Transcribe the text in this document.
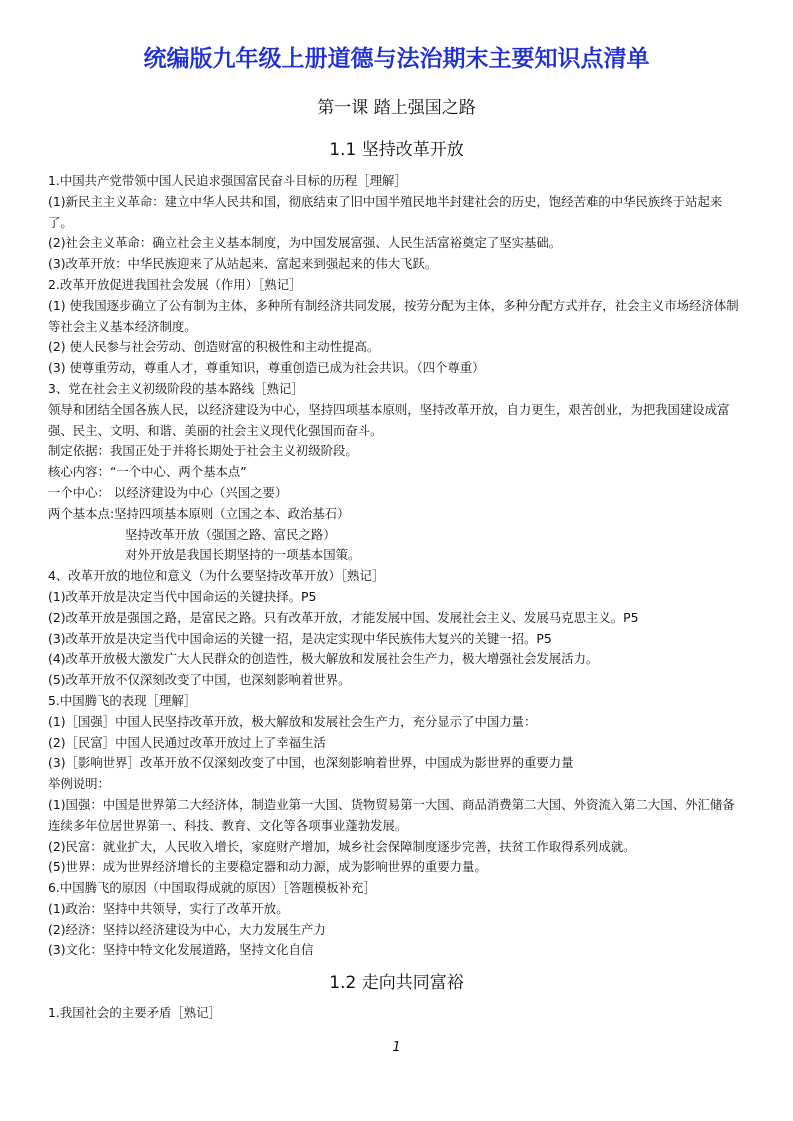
统编版九年级上册道德与法治期末主要知识点清单
第一课 踏上强国之路
1.1 坚持改革开放
1.中国共产党带领中国人民追求强国富民奋斗目标的历程［理解］
(1)新民主主义革命：建立中华人民共和国，彻底结束了旧中国半殖民地半封建社会的历史，饱经苦难的中华民族终于站起来了。
(2)社会主义革命：确立社会主义基本制度，为中国发展富强、人民生活富裕奠定了坚实基础。
(3)改革开放：中华民族迎来了从站起来、富起来到强起来的伟大飞跃。
2.改革开放促进我国社会发展（作用）［熟记］
(1) 使我国逐步确立了公有制为主体，多种所有制经济共同发展，按劳分配为主体，多种分配方式并存，社会主义市场经济体制等社会主义基本经济制度。
(2) 使人民参与社会劳动、创造财富的积极性和主动性提高。
(3) 使尊重劳动，尊重人才，尊重知识，尊重创造已成为社会共识。（四个尊重）
3、党在社会主义初级阶段的基本路线［熟记］
领导和团结全国各族人民，以经济建设为中心，坚持四项基本原则，坚持改革开放，自力更生，艰苦创业，为把我国建设成富强、民主、文明、和谐、美丽的社会主义现代化强国而奋斗。
制定依据：我国正处于并将长期处于社会主义初级阶段。
核心内容：“一个中心、两个基本点”
一个中心： 以经济建设为中心（兴国之要）
两个基本点:坚持四项基本原则（立国之本、政治基石）
坚持改革开放（强国之路、富民之路）
对外开放是我国长期坚持的一项基本国策。
4、改革开放的地位和意义（为什么要坚持改革开放）［熟记］
(1)改革开放是决定当代中国命运的关键抉择。P5
(2)改革开放是强国之路，是富民之路。只有改革开放，才能发展中国、发展社会主义、发展马克思主义。P5
(3)改革开放是决定当代中国命运的关键一招，是决定实现中华民族伟大复兴的关键一招。P5
(4)改革开放极大激发广大人民群众的创造性，极大解放和发展社会生产力，极大增强社会发展活力。
(5)改革开放不仅深刻改变了中国，也深刻影响着世界。
5.中国腾飞的表现［理解］
(1)［国强］中国人民坚持改革开放，极大解放和发展社会生产力，充分显示了中国力量：
(2)［民富］中国人民通过改革开放过上了幸福生活
(3)［影响世界］改革开放不仅深刻改变了中国，也深刻影响着世界，中国成为影世界的重要力量
举例说明：
(1)国强：中国是世界第二大经济体，制造业第一大国、货物贸易第一大国、商品消费第二大国、外资流入第二大国、外汇储备连续多年位居世界第一、科技、教育、文化等各项事业蓬勃发展。
(2)民富：就业扩大，人民收入增长，家庭财产增加，城乡社会保障制度逐步完善，扶贫工作取得系列成就。
(5)世界：成为世界经济增长的主要稳定器和动力源，成为影响世界的重要力量。
6.中国腾飞的原因（中国取得成就的原因）［答题模板补充］
(1)政治：坚持中共领导，实行了改革开放。
(2)经济：坚持以经济建设为中心，大力发展生产力
(3)文化：坚持中特文化发展道路，坚持文化自信
1.2 走向共同富裕
1.我国社会的主要矛盾［熟记］
1
